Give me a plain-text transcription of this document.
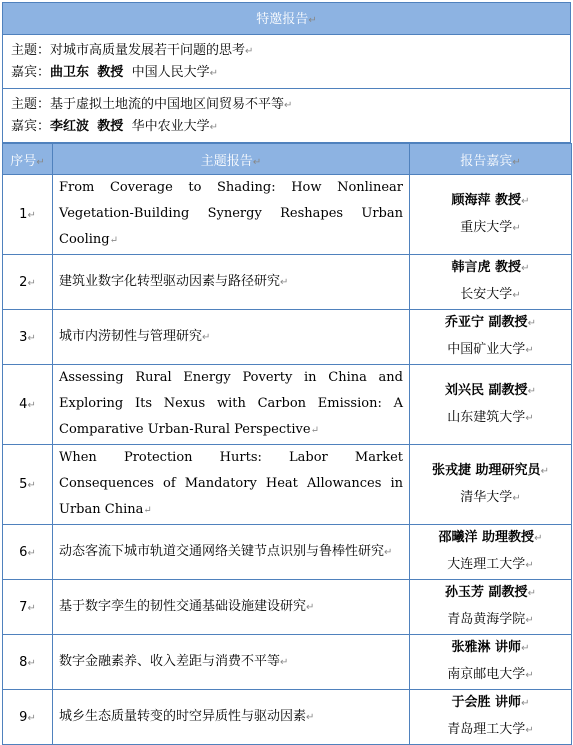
特邀报告↵
主题：对城市高质量发展若干问题的思考↵
嘉宾：曲卫东 教授 中国人民大学↵
主题：基于虚拟土地流的中国地区间贸易不平等↵
嘉宾：李红波 教授 华中农业大学↵
序号↵	主题报告↵	报告嘉宾↵
1↵	From Coverage to Shading: How Nonlinear Vegetation-Building Synergy Reshapes Urban Cooling↵	顾海萍 教授↵
重庆大学↵

2↵	建筑业数字化转型驱动因素与路径研究↵	韩言虎 教授↵
长安大学↵

3↵	城市内涝韧性与管理研究↵	乔亚宁 副教授↵
中国矿业大学↵

4↵	Assessing Rural Energy Poverty in China and Exploring Its Nexus with Carbon Emission: A Comparative Urban-Rural Perspective↵	刘兴民 副教授↵
山东建筑大学↵

5↵	When Protection Hurts: Labor Market Consequences of Mandatory Heat Allowances in Urban China↵	张戎捷 助理研究员↵
清华大学↵

6↵	动态客流下城市轨道交通网络关键节点识别与鲁棒性研究↵	邵曦洋 助理教授↵
大连理工大学↵

7↵	基于数字孪生的韧性交通基础设施建设研究↵	孙玉芳 副教授↵
青岛黄海学院↵

8↵	数字金融素养、收入差距与消费不平等↵	张雅淋 讲师↵
南京邮电大学↵

9↵	城乡生态质量转变的时空异质性与驱动因素↵	于会胜 讲师↵
青岛理工大学↵
